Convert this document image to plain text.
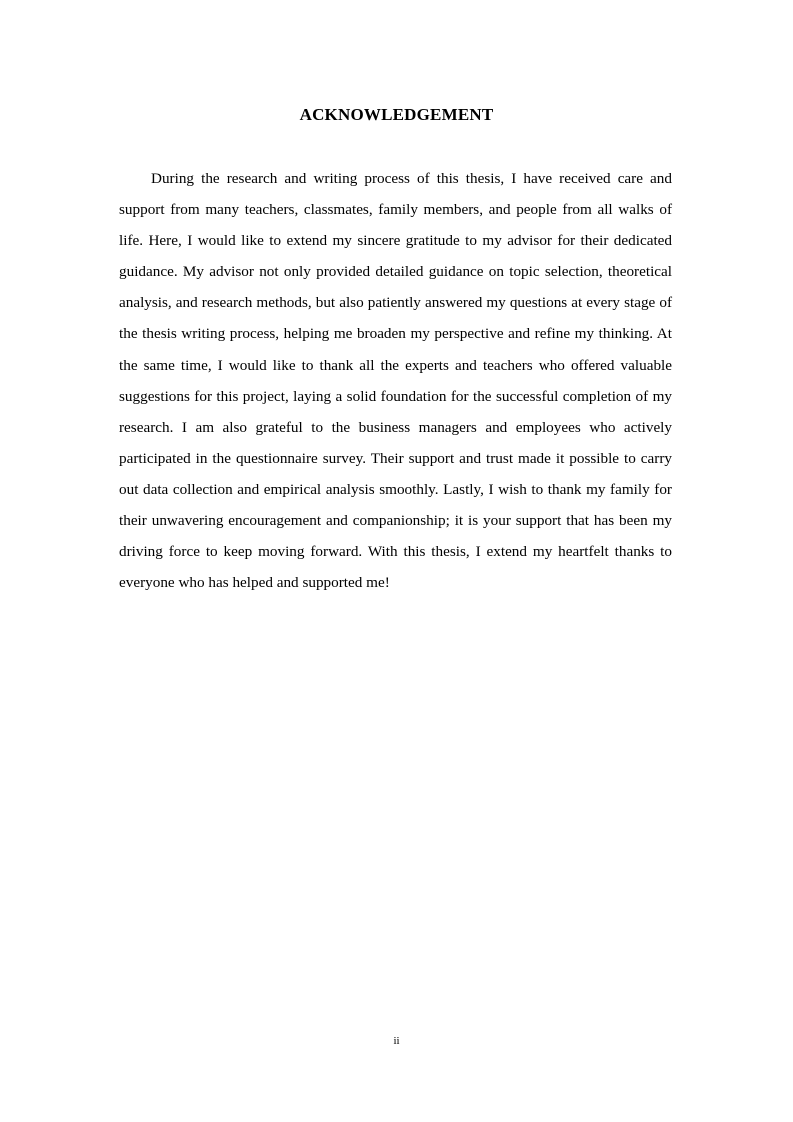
ACKNOWLEDGEMENT

During the research and writing process of this thesis, I have received care and support from many teachers, classmates, family members, and people from all walks of life. Here, I would like to extend my sincere gratitude to my advisor for their dedicated guidance. My advisor not only provided detailed guidance on topic selection, theoretical analysis, and research methods, but also patiently answered my questions at every stage of the thesis writing process, helping me broaden my perspective and refine my thinking. At the same time, I would like to thank all the experts and teachers who offered valuable suggestions for this project, laying a solid foundation for the successful completion of my research. I am also grateful to the business managers and employees who actively participated in the questionnaire survey. Their support and trust made it possible to carry out data collection and empirical analysis smoothly. Lastly, I wish to thank my family for their unwavering encouragement and companionship; it is your support that has been my driving force to keep moving forward. With this thesis, I extend my heartfelt thanks to everyone who has helped and supported me!

ii
